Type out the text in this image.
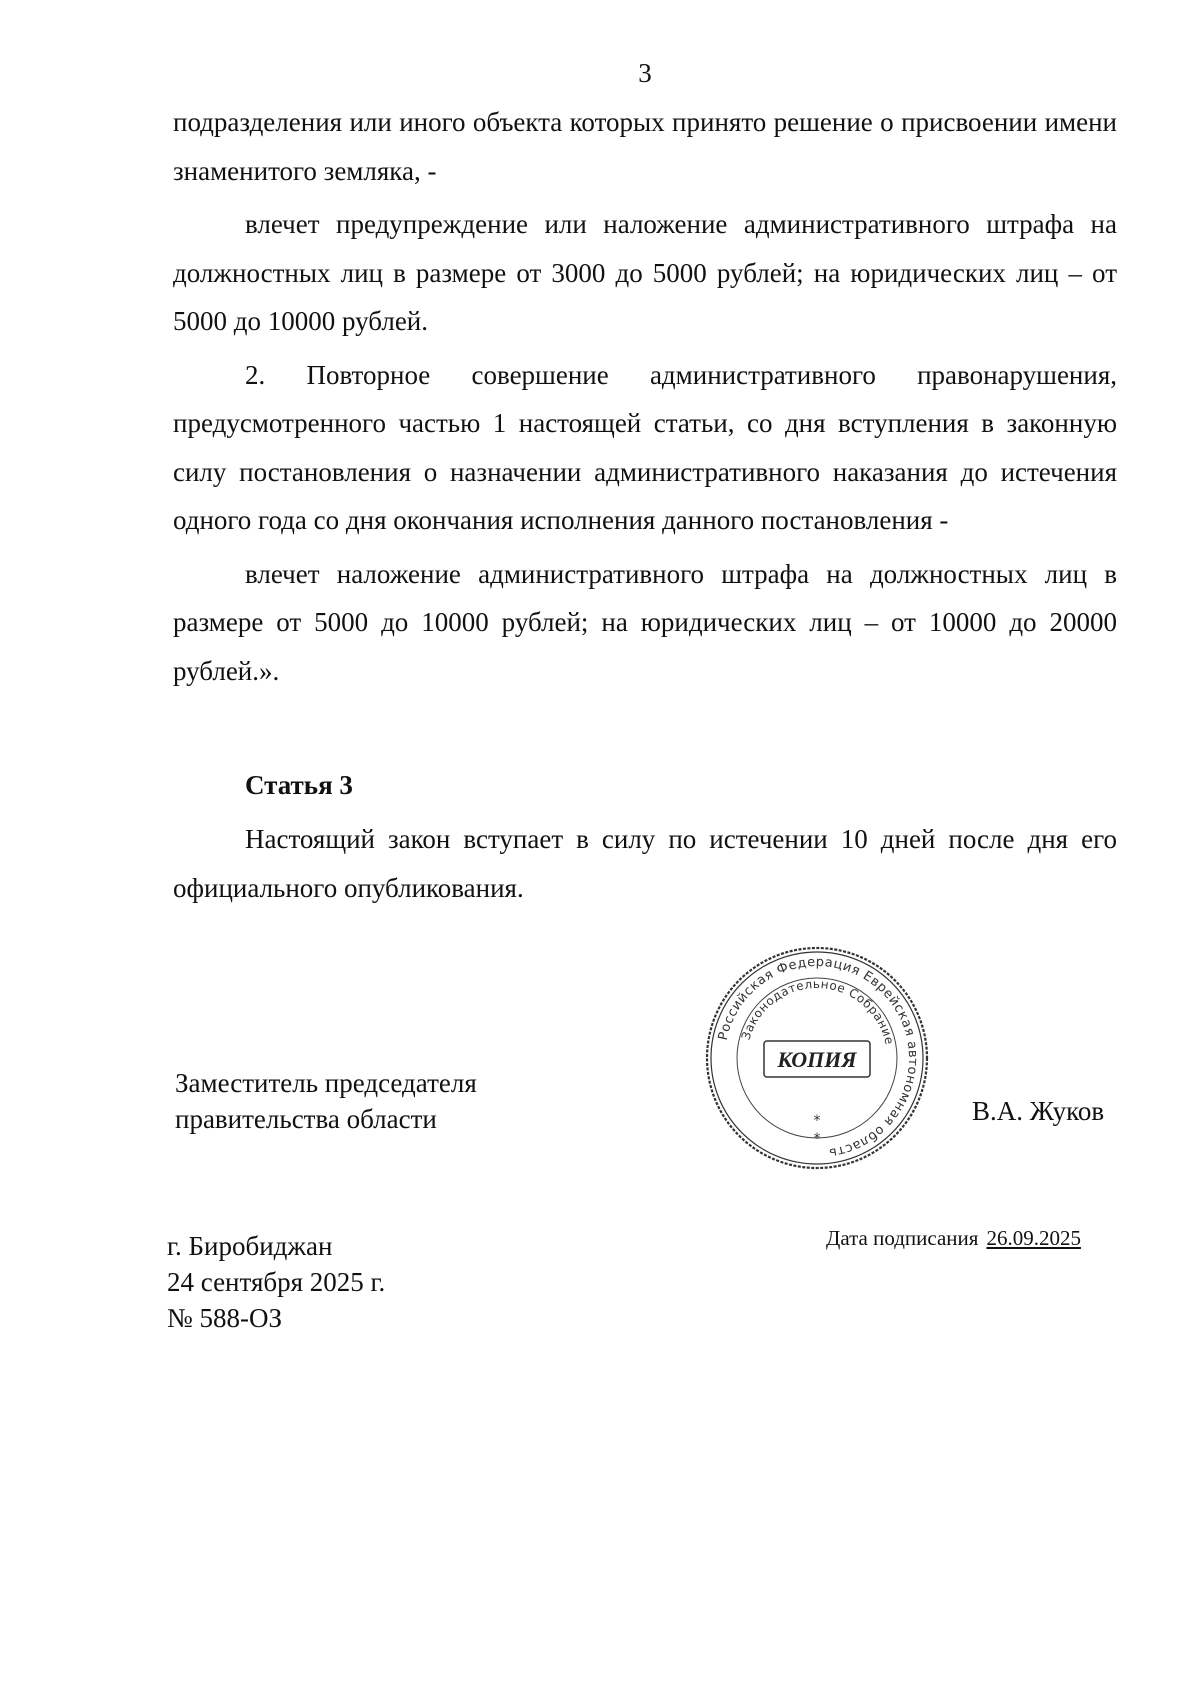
3

подразделения или иного объекта которых принято решение о присвоении имени знаменитого земляка, -

влечет предупреждение или наложение административного штрафа на должностных лиц в размере от 3000 до 5000 рублей; на юридических лиц – от 5000 до 10000 рублей.

2. Повторное совершение административного правонарушения, предусмотренного частью 1 настоящей статьи, со дня вступления в законную силу постановления о назначении административного наказания до истечения одного года со дня окончания исполнения данного постановления -

влечет наложение административного штрафа на должностных лиц в размере от 5000 до 10000 рублей; на юридических лиц – от 10000 до 20000 рублей.».

Статья 3

Настоящий закон вступает в силу по истечении 10 дней после дня его официального опубликования.

Заместитель председателя
правительства области
Российская Федерация Еврейская автономная область
Законодательное Собрание
КОПИЯ
*
*
В.А. Жуков
г. Биробиджан
24 сентября 2025 г.
№ 588-ОЗ
Дата подписания 26.09.2025
